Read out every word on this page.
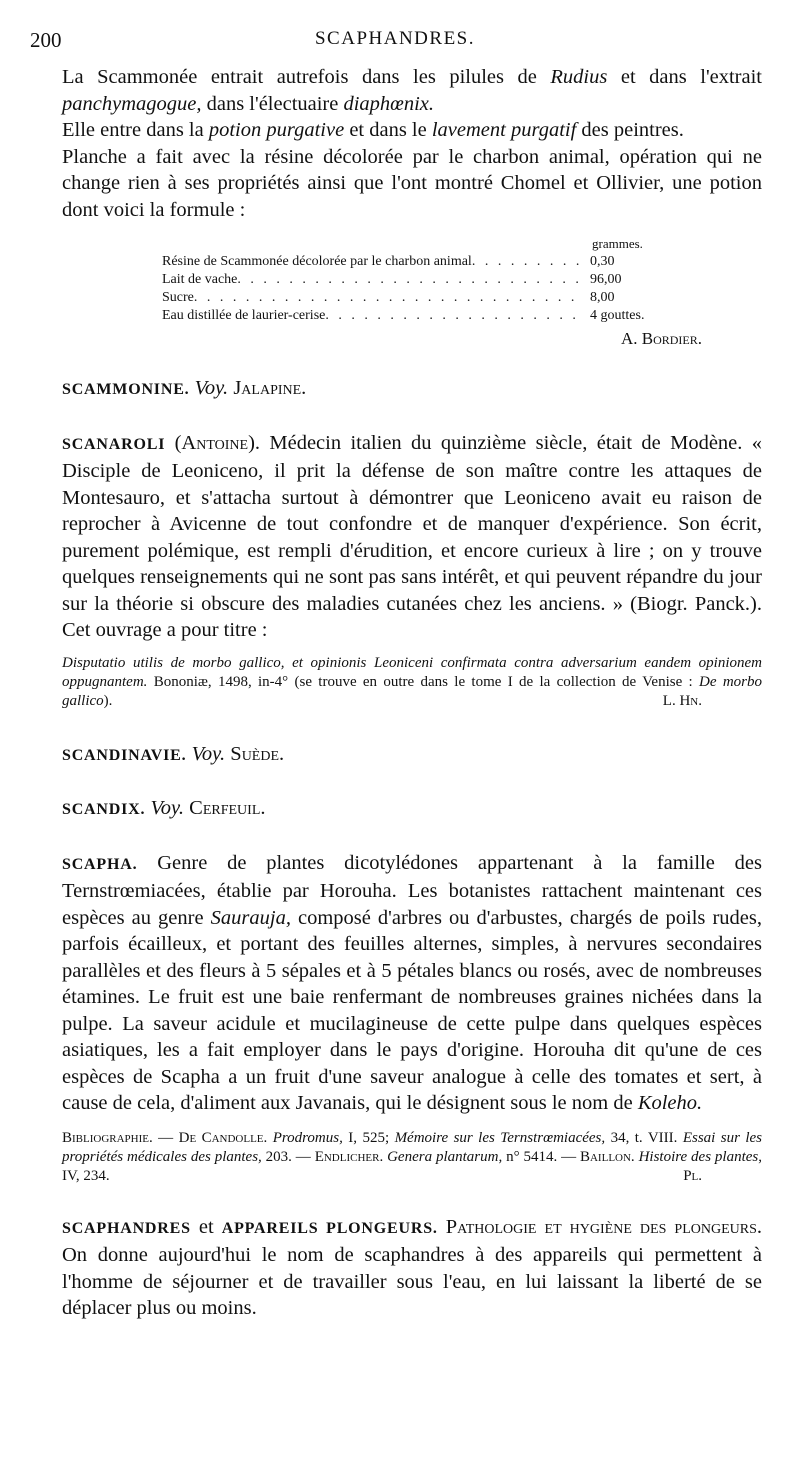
200	SCAPHANDRES.

La Scammonée entrait autrefois dans les pilules de Rudius et dans l'extrait panchymagogue, dans l'électuaire diaphœnix.

Elle entre dans la potion purgative et dans le lavement purgatif des peintres.

Planche a fait avec la résine décolorée par le charbon animal, opération qui ne change rien à ses propriétés ainsi que l'ont montré Chomel et Ollivier, une potion dont voici la formule :

grammes.
Résine de Scammonée décolorée par le charbon animal . . .	0,30
Lait de vache . . .	96,00
Sucre . . .	8,00
Eau distillée de laurier-cerise . . .	4 gouttes.
A. Bordier.

SCAMMONINE. Voy. Jalapine.

SCANAROLI (Antoine). Médecin italien du quinzième siècle, était de Modène. « Disciple de Leoniceno, il prit la défense de son maître contre les attaques de Montesauro, et s'attacha surtout à démontrer que Leoniceno avait eu raison de reprocher à Avicenne de tout confondre et de manquer d'expérience. Son écrit, purement polémique, est rempli d'érudition, et encore curieux à lire ; on y trouve quelques renseignements qui ne sont pas sans intérêt, et qui peuvent répandre du jour sur la théorie si obscure des maladies cutanées chez les anciens. » (Biogr. Panck.). Cet ouvrage a pour titre :

Disputatio utilis de morbo gallico, et opinionis Leoniceni confirmata contra adversarium eandem opinionem oppugnantem. Bononiæ, 1498, in-4° (se trouve en outre dans le tome I de la collection de Venise : De morbo gallico).	L. Hn.

SCANDINAVIE. Voy. Suède.

SCANDIX. Voy. Cerfeuil.

SCAPHA. Genre de plantes dicotylédones appartenant à la famille des Ternstrœmiacées, établie par Horouha. Les botanistes rattachent maintenant ces espèces au genre Saurauja, composé d'arbres ou d'arbustes, chargés de poils rudes, parfois écailleux, et portant des feuilles alternes, simples, à nervures secondaires parallèles et des fleurs à 5 sépales et à 5 pétales blancs ou rosés, avec de nombreuses étamines. Le fruit est une baie renfermant de nombreuses graines nichées dans la pulpe. La saveur acidule et mucilagineuse de cette pulpe dans quelques espèces asiatiques, les a fait employer dans le pays d'origine. Horouha dit qu'une de ces espèces de Scapha a un fruit d'une saveur analogue à celle des tomates et sert, à cause de cela, d'aliment aux Javanais, qui le désignent sous le nom de Koleho.

Bibliographie. — De Candolle. Prodromus, I, 525; Mémoire sur les Ternstrœmiacées, 34, t. VIII. Essai sur les propriétés médicales des plantes, 203. — Endlicher. Genera plantarum, n° 5414. — Baillon. Histoire des plantes, IV, 234.	Pl.

SCAPHANDRES et APPAREILS PLONGEURS. Pathologie et hygiène des plongeurs. On donne aujourd'hui le nom de scaphandres à des appareils qui permettent à l'homme de séjourner et de travailler sous l'eau, en lui laissant la liberté de se déplacer plus ou moins.
